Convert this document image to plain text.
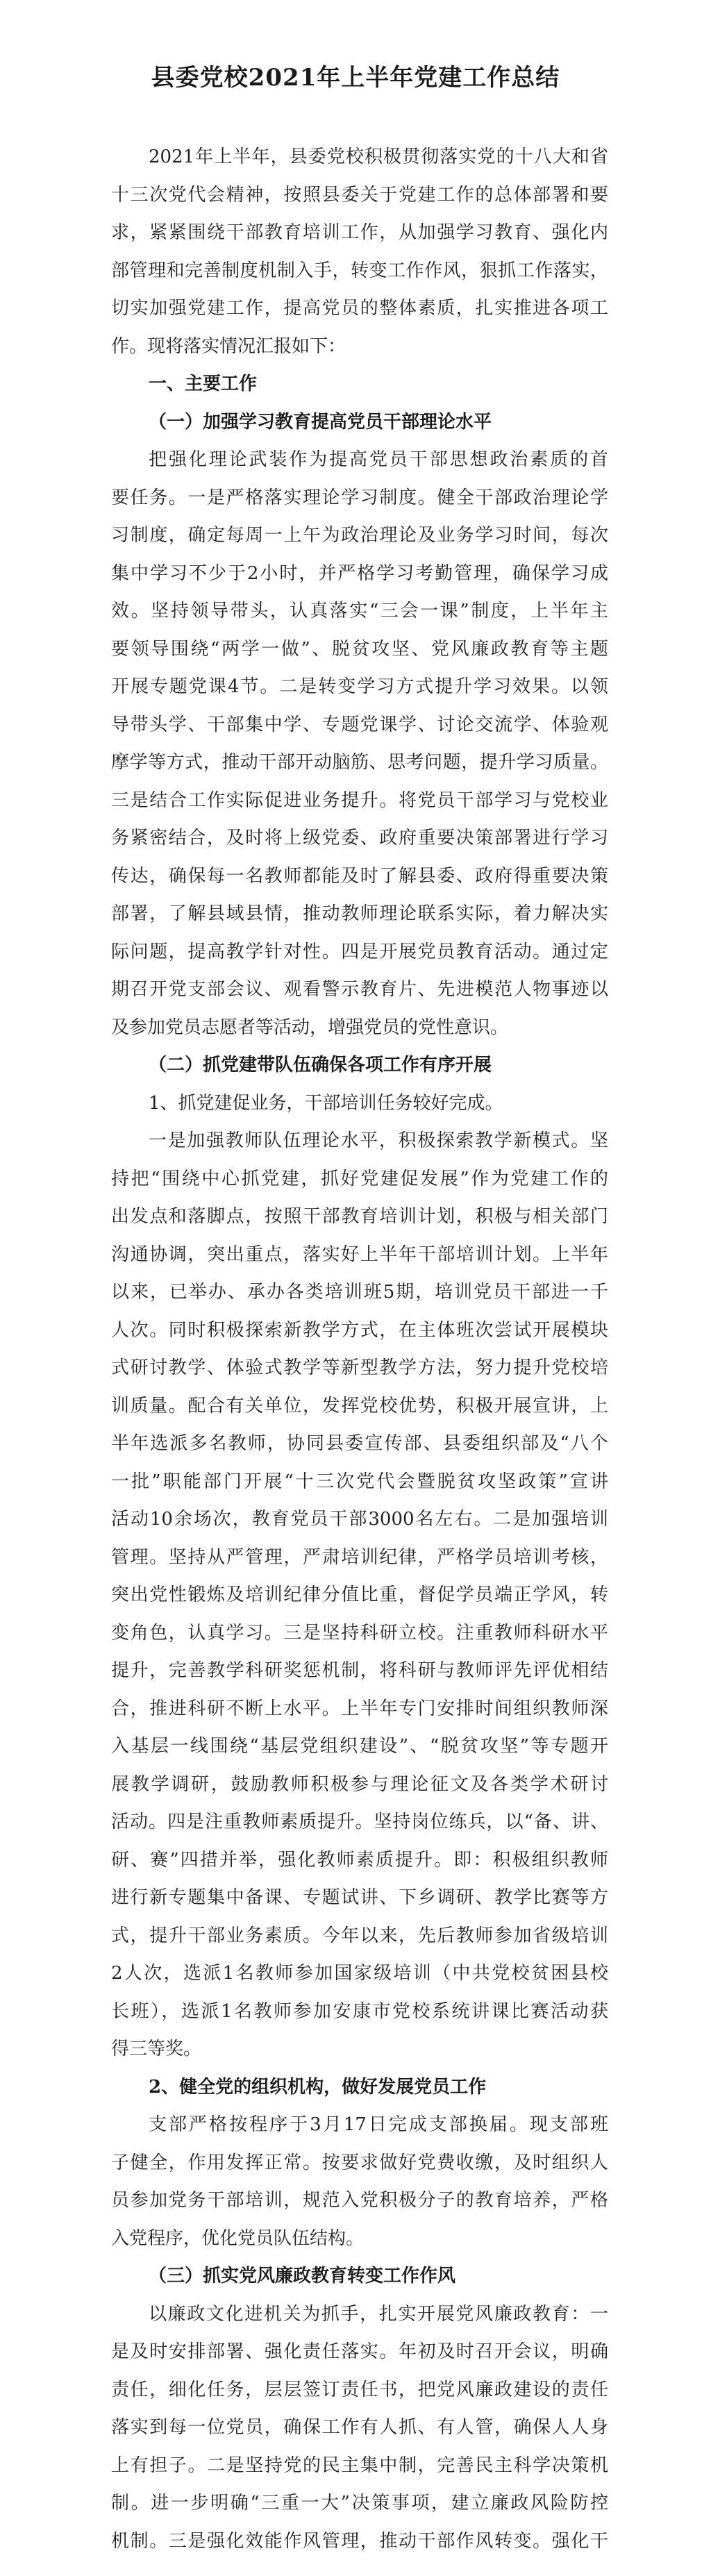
县委党校2021年上半年党建工作总结
2021年上半年，县委党校积极贯彻落实党的十八大和省
十三次党代会精神，按照县委关于党建工作的总体部署和要
求，紧紧围绕干部教育培训工作，从加强学习教育、强化内
部管理和完善制度机制入手，转变工作作风，狠抓工作落实，
切实加强党建工作，提高党员的整体素质，扎实推进各项工
作。现将落实情况汇报如下：
一、主要工作
（一）加强学习教育提高党员干部理论水平
把强化理论武装作为提高党员干部思想政治素质的首
要任务。一是严格落实理论学习制度。健全干部政治理论学
习制度，确定每周一上午为政治理论及业务学习时间，每次
集中学习不少于2小时，并严格学习考勤管理，确保学习成
效。坚持领导带头，认真落实“三会一课”制度，上半年主
要领导围绕“两学一做”、脱贫攻坚、党风廉政教育等主题
开展专题党课4节。二是转变学习方式提升学习效果。以领
导带头学、干部集中学、专题党课学、讨论交流学、体验观
摩学等方式，推动干部开动脑筋、思考问题，提升学习质量。
三是结合工作实际促进业务提升。将党员干部学习与党校业
务紧密结合，及时将上级党委、政府重要决策部署进行学习
传达，确保每一名教师都能及时了解县委、政府得重要决策
部署，了解县域县情，推动教师理论联系实际，着力解决实
际问题，提高教学针对性。四是开展党员教育活动。通过定
期召开党支部会议、观看警示教育片、先进模范人物事迹以
及参加党员志愿者等活动，增强党员的党性意识。
（二）抓党建带队伍确保各项工作有序开展
1、抓党建促业务，干部培训任务较好完成。
一是加强教师队伍理论水平，积极探索教学新模式。坚
持把“围绕中心抓党建，抓好党建促发展”作为党建工作的
出发点和落脚点，按照干部教育培训计划，积极与相关部门
沟通协调，突出重点，落实好上半年干部培训计划。上半年
以来，已举办、承办各类培训班5期，培训党员干部进一千
人次。同时积极探索新教学方式，在主体班次尝试开展模块
式研讨教学、体验式教学等新型教学方法，努力提升党校培
训质量。配合有关单位，发挥党校优势，积极开展宣讲，上
半年选派多名教师，协同县委宣传部、县委组织部及“八个
一批”职能部门开展“十三次党代会暨脱贫攻坚政策”宣讲
活动10余场次，教育党员干部3000名左右。二是加强培训
管理。坚持从严管理，严肃培训纪律，严格学员培训考核，
突出党性锻炼及培训纪律分值比重，督促学员端正学风，转
变角色，认真学习。三是坚持科研立校。注重教师科研水平
提升，完善教学科研奖惩机制，将科研与教师评先评优相结
合，推进科研不断上水平。上半年专门安排时间组织教师深
入基层一线围绕“基层党组织建设”、“脱贫攻坚”等专题开
展教学调研，鼓励教师积极参与理论征文及各类学术研讨
活动。四是注重教师素质提升。坚持岗位练兵，以“备、讲、
研、赛”四措并举，强化教师素质提升。即：积极组织教师
进行新专题集中备课、专题试讲、下乡调研、教学比赛等方
式，提升干部业务素质。今年以来，先后教师参加省级培训
2人次，选派1名教师参加国家级培训（中共党校贫困县校
长班），选派1名教师参加安康市党校系统讲课比赛活动获
得三等奖。
2、健全党的组织机构，做好发展党员工作
支部严格按程序于3月17日完成支部换届。现支部班
子健全，作用发挥正常。按要求做好党费收缴，及时组织人
员参加党务干部培训，规范入党积极分子的教育培养，严格
入党程序，优化党员队伍结构。
（三）抓实党风廉政教育转变工作作风
以廉政文化进机关为抓手，扎实开展党风廉政教育：一
是及时安排部署、强化责任落实。年初及时召开会议，明确
责任，细化任务，层层签订责任书，把党风廉政建设的责任
落实到每一位党员，确保工作有人抓、有人管，确保人人身
上有担子。二是坚持党的民主集中制，完善民主科学决策机
制。进一步明确“三重一大”决策事项，建立廉政风险防控
机制。三是强化效能作风管理，推动干部作风转变。强化干
